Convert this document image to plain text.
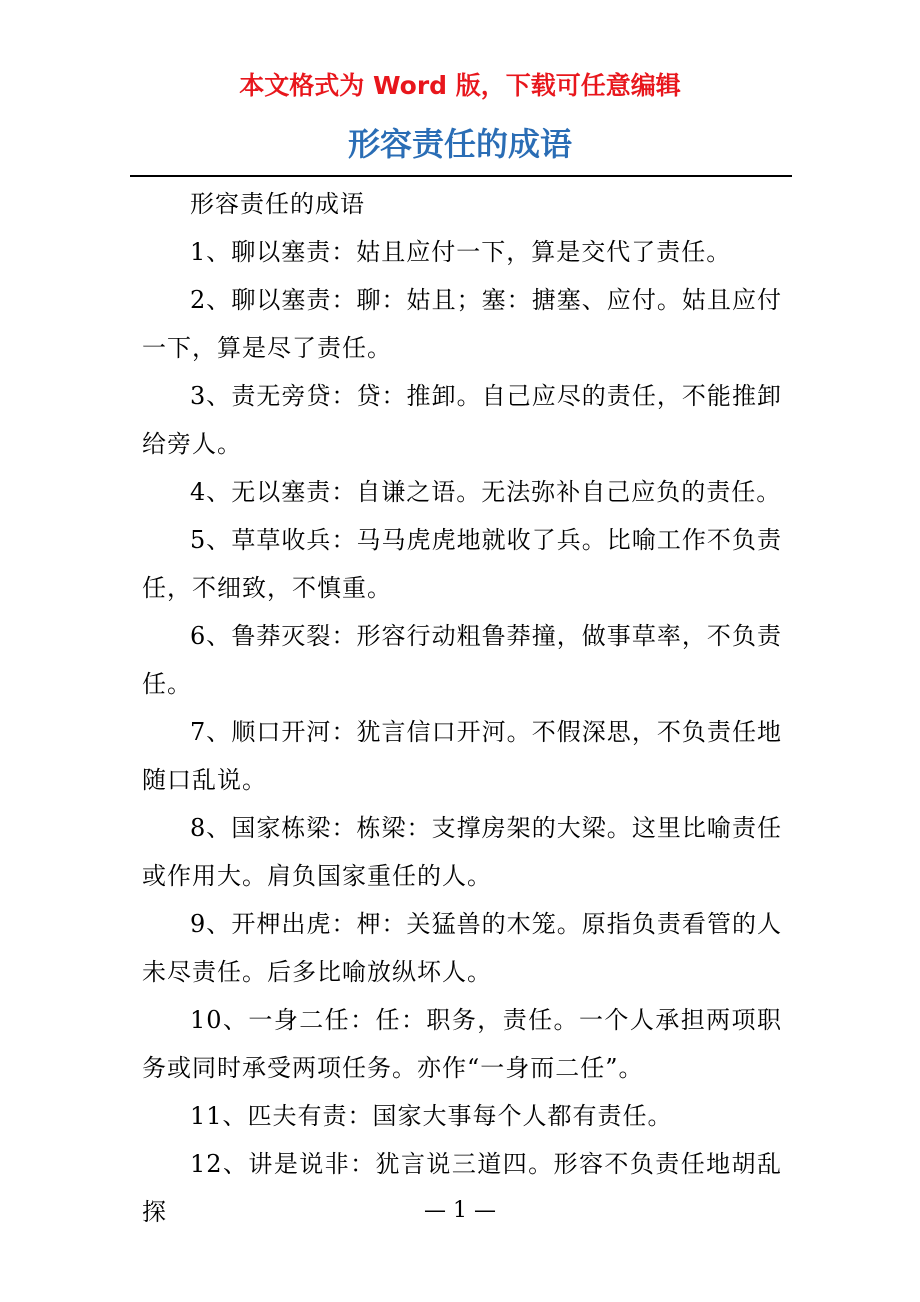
本文格式为 Word 版，下载可任意编辑
形容责任的成语

形容责任的成语

1、聊以塞责：姑且应付一下，算是交代了责任。

2、聊以塞责：聊：姑且；塞：搪塞、应付。姑且应付一下，算是尽了责任。

3、责无旁贷：贷：推卸。自己应尽的责任，不能推卸给旁人。

4、无以塞责：自谦之语。无法弥补自己应负的责任。

5、草草收兵：马马虎虎地就收了兵。比喻工作不负责任，不细致，不慎重。

6、鲁莽灭裂：形容行动粗鲁莽撞，做事草率，不负责任。

7、顺口开河：犹言信口开河。不假深思，不负责任地随口乱说。

8、国家栋梁：栋梁：支撑房架的大梁。这里比喻责任或作用大。肩负国家重任的人。

9、开柙出虎：柙：关猛兽的木笼。原指负责看管的人未尽责任。后多比喻放纵坏人。

10、一身二任：任：职务，责任。一个人承担两项职务或同时承受两项任务。亦作“一身而二任”。

11、匹夫有责：国家大事每个人都有责任。

12、讲是说非：犹言说三道四。形容不负责任地胡乱探	— 1 —
